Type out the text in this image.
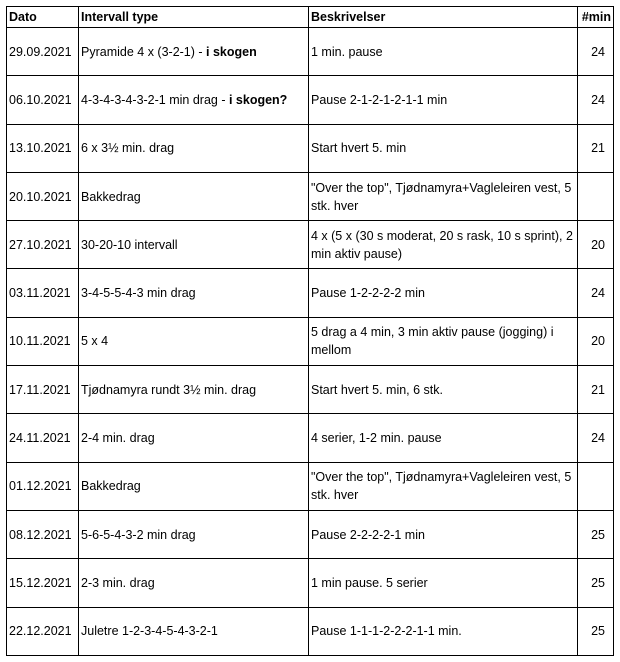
Dato	Intervall type	Beskrivelser	#min
29.09.2021	Pyramide 4 x (3-2-1) - i skogen	1 min. pause	24
06.10.2021	4-3-4-3-4-3-2-1 min drag - i skogen?	Pause 2-1-2-1-2-1-1 min	24
13.10.2021	6 x 3½ min. drag	Start hvert 5. min	21
20.10.2021	Bakkedrag	"Over the top", Tjødnamyra+Vagleleiren vest, 5 stk. hver	
27.10.2021	30-20-10 intervall	4 x (5 x (30 s moderat, 20 s rask, 10 s sprint), 2 min aktiv pause)	20
03.11.2021	3-4-5-5-4-3 min drag	Pause 1-2-2-2-2 min	24
10.11.2021	5 x 4	5 drag a 4 min, 3 min aktiv pause (jogging) i mellom	20
17.11.2021	Tjødnamyra rundt 3½ min. drag	Start hvert 5. min, 6 stk.	21
24.11.2021	2-4 min. drag	4 serier, 1-2 min. pause	24
01.12.2021	Bakkedrag	"Over the top", Tjødnamyra+Vagleleiren vest, 5 stk. hver	
08.12.2021	5-6-5-4-3-2 min drag	Pause 2-2-2-2-1 min	25
15.12.2021	2-3 min. drag	1 min pause. 5 serier	25
22.12.2021	Juletre 1-2-3-4-5-4-3-2-1	Pause 1-1-1-2-2-2-1-1 min.	25
